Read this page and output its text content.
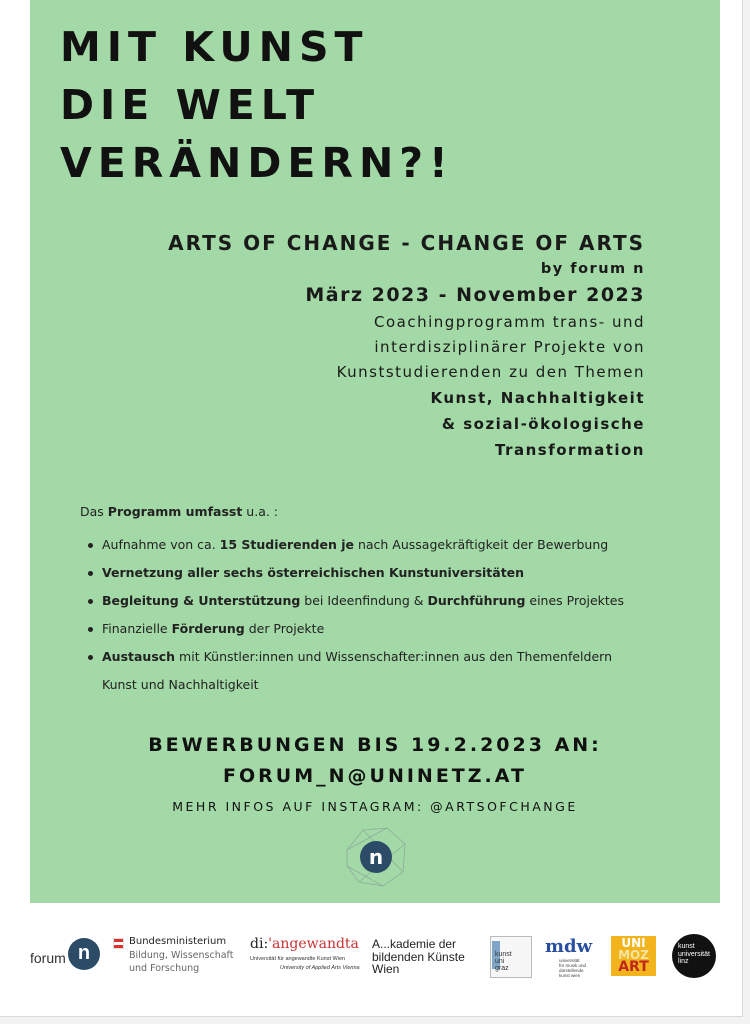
MIT KUNST
DIE WELT
VERÄNDERN?!
ARTS OF CHANGE - CHANGE OF ARTS
by forum n
März 2023 - November 2023
Coachingprogramm trans- und
interdisziplinärer Projekte von
Kunststudierenden zu den Themen
Kunst, Nachhaltigkeit
& sozial-ökologische
Transformation

Das Programm umfasst u.a. :

Aufnahme von ca. 15 Studierenden je nach Aussagekräftigkeit der Bewerbung
Vernetzung aller sechs österreichischen Kunstuniversitäten
Begleitung & Unterstützung bei Ideenfindung & Durchführung eines Projektes
Finanzielle Förderung der Projekte
Austausch mit Künstler:innen und Wissenschafter:innen aus den Themenfeldern
Kunst und Nachhaltigkeit
BEWERBUNGEN BIS 19.2.2023 AN:
FORUM_N@UNINETZ.AT
MEHR INFOS AUF INSTAGRAM: @ARTSOFCHANGE
n
forum n
Bundesministerium
Bildung, Wissenschaft
und Forschung
di:'angewandta
Universität für angewandte Kunst Wien
University of Applied Arts Vienna
A...kademie der
bildenden Künste
Wien
kunst
uni
graz
mdw
universität
für musik und
darstellende
kunst wien
UNI
MOZ
ART
kunst
universität
linz
